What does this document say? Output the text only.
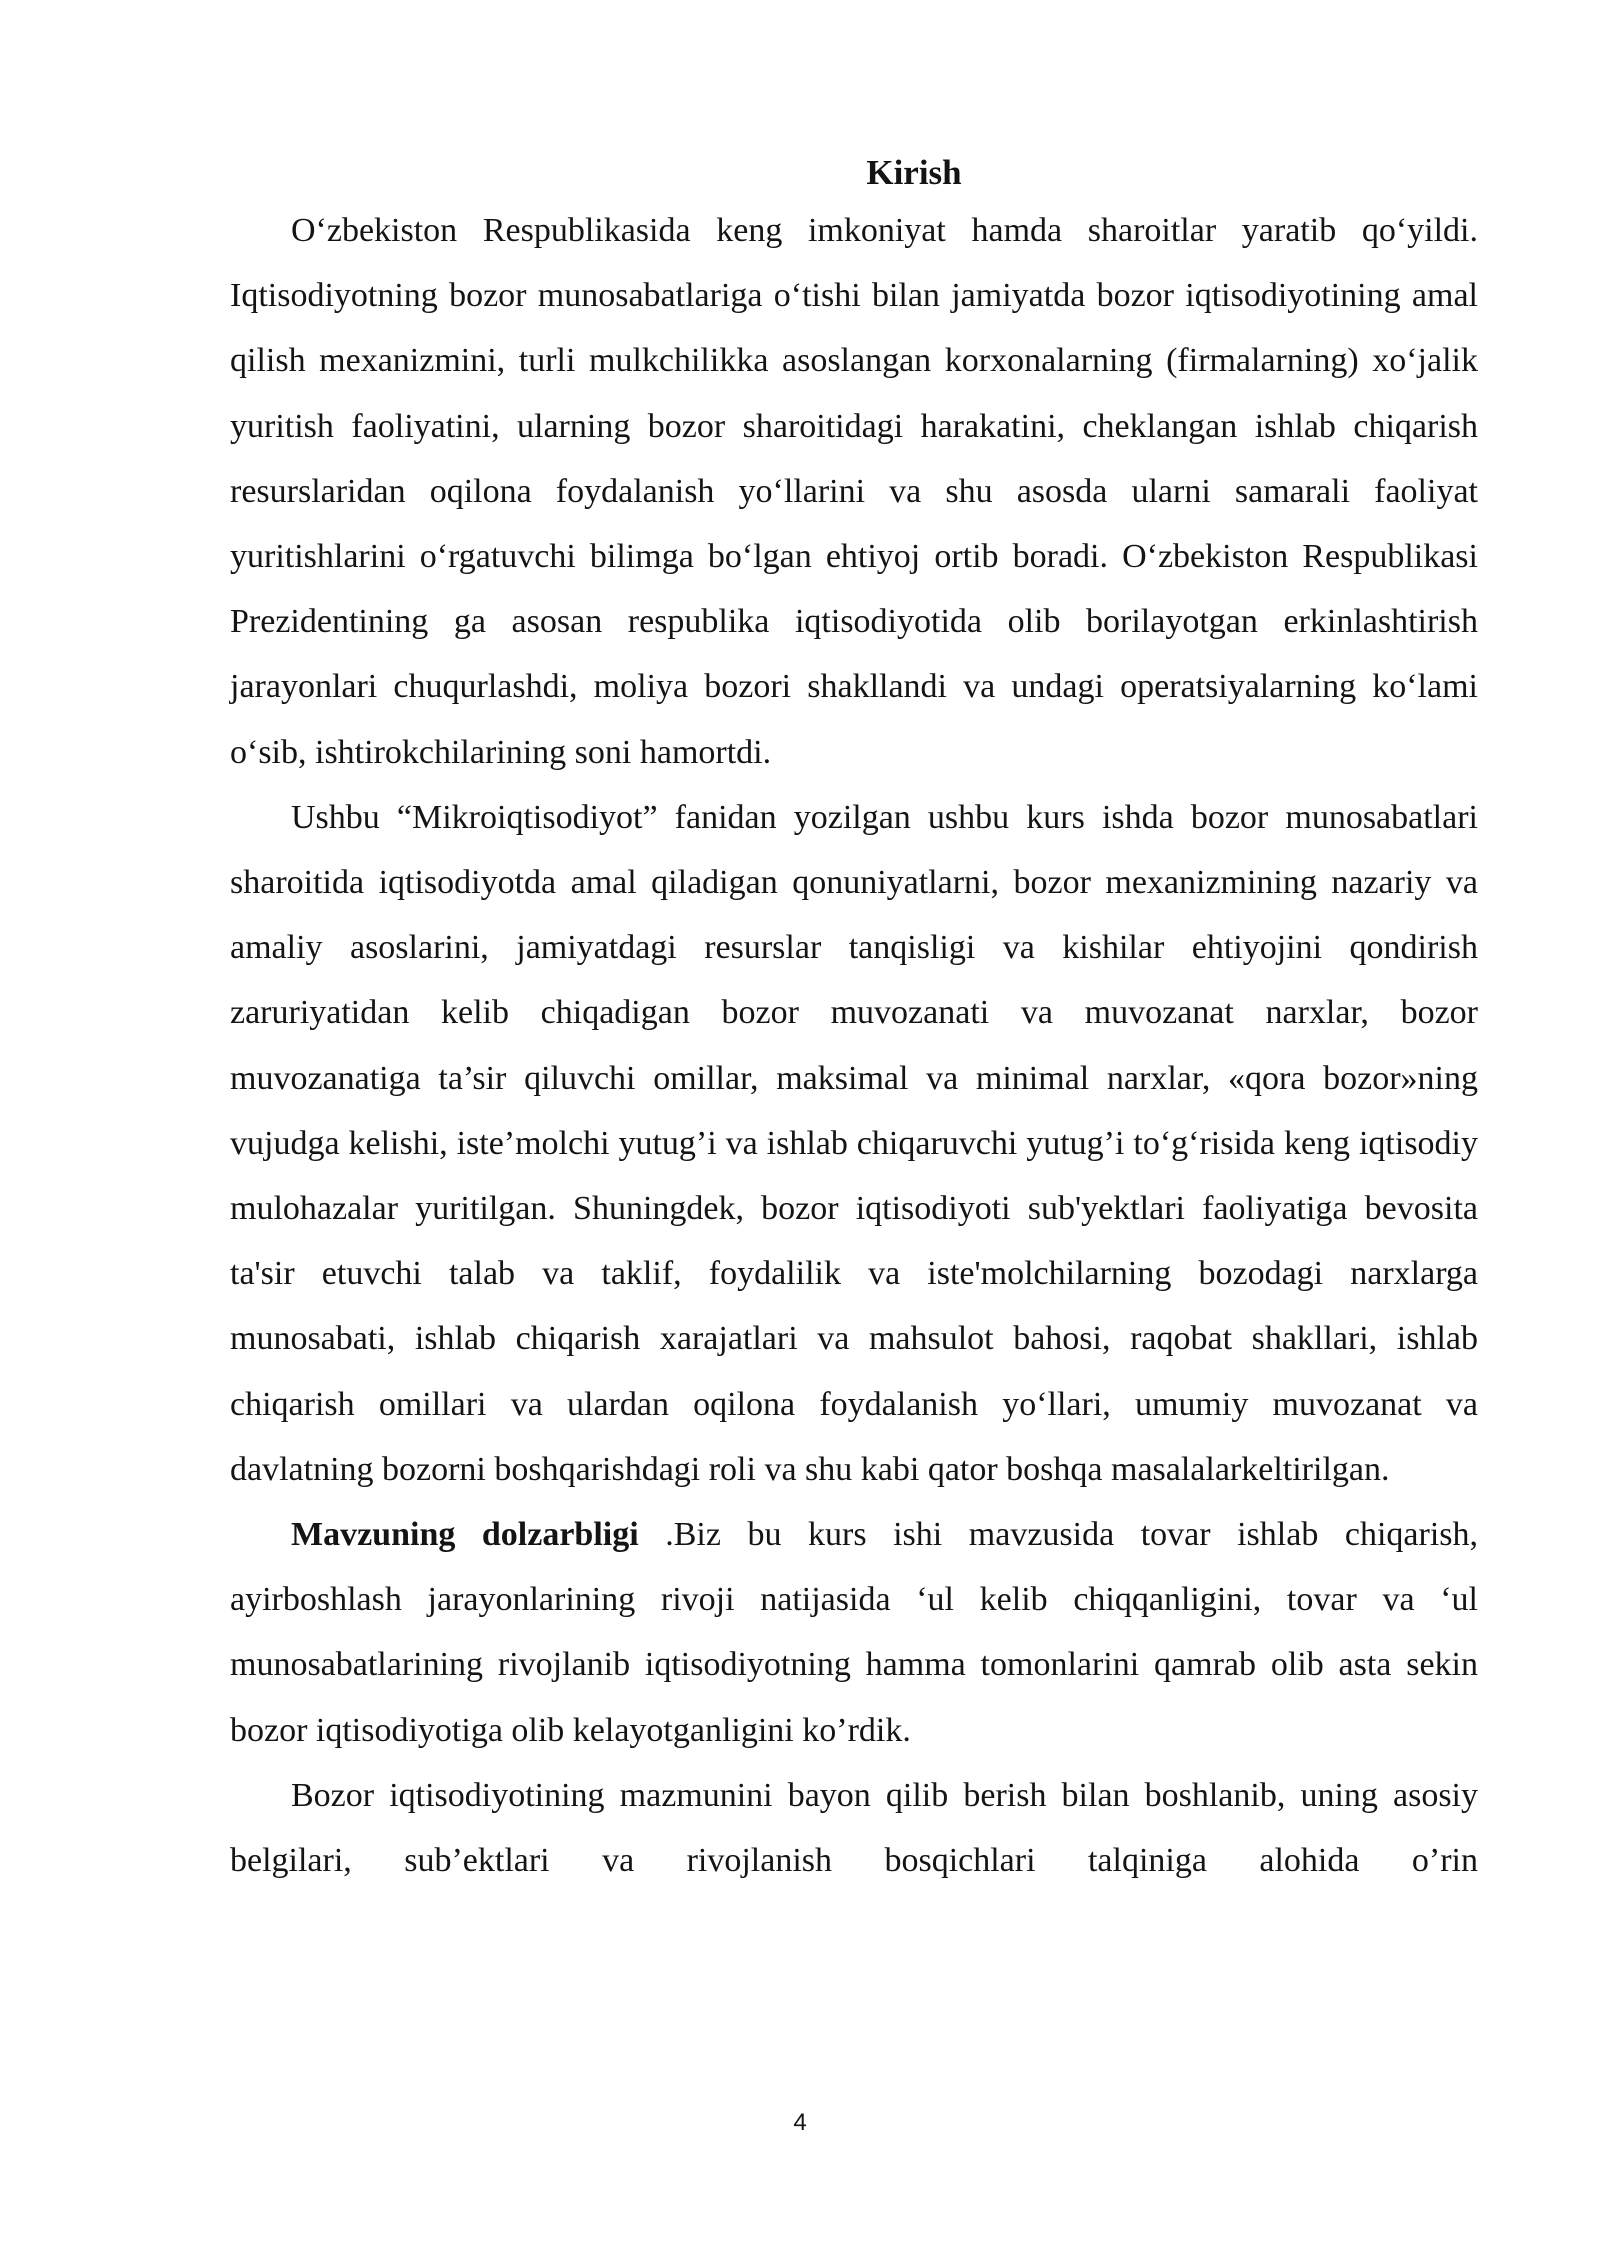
Kirish

O‘zbekiston Respublikasida keng imkoniyat hamda sharoitlar yaratib qo‘yildi. Iqtisodiyotning bozor munosabatlariga o‘tishi bilan jamiyatda bozor iqtisodiyotining amal qilish mexanizmini, turli mulkchilikka asoslangan korxonalarning (firmalarning) xo‘jalik yuritish faoliyatini, ularning bozor sharoitidagi harakatini, cheklangan ishlab chiqarish resurslaridan oqilona foydalanish yo‘llarini va shu asosda ularni samarali faoliyat yuritishlarini o‘rgatuvchi bilimga bo‘lgan ehtiyoj ortib boradi. O‘zbekiston Respublikasi Prezidentining ga asosan respublika iqtisodiyotida olib borilayotgan erkinlashtirish jarayonlari chuqurlashdi, moliya bozori shakllandi va undagi operatsiyalarning ko‘lami o‘sib, ishtirokchilarining soni hamortdi.

Ushbu “Mikroiqtisodiyot” fanidan yozilgan ushbu kurs ishda bozor munosabatlari sharoitida iqtisodiyotda amal qiladigan qonuniyatlarni, bozor mexanizmining nazariy va amaliy asoslarini, jamiyatdagi resurslar tanqisligi va kishilar ehtiyojini qondirish zaruriyatidan kelib chiqadigan bozor muvozanati va muvozanat narxlar, bozor muvozanatiga ta’sir qiluvchi omillar, maksimal va minimal narxlar, «qora bozor»ning vujudga kelishi, iste’molchi yutug’i va ishlab chiqaruvchi yutug’i to‘g‘risida keng iqtisodiy mulohazalar yuritilgan. Shuningdek, bozor iqtisodiyoti sub'yektlari faoliyatiga bevosita ta'sir etuvchi talab va taklif, foydalilik va iste'molchilarning bozodagi narxlarga munosabati, ishlab chiqarish xarajatlari va mahsulot bahosi, raqobat shakllari, ishlab chiqarish omillari va ulardan oqilona foydalanish yo‘llari, umumiy muvozanat va davlatning bozorni boshqarishdagi roli va shu kabi qator boshqa masalalarkeltirilgan.

Mavzuning dolzarbligi .Biz bu kurs ishi mavzusida tovar ishlab chiqarish, ayirboshlash jarayonlarining rivoji natijasida ‘ul kelib chiqqanligini, tovar va ‘ul munosabatlarining rivojlanib iqtisodiyotning hamma tomonlarini qamrab olib asta sekin bozor iqtisodiyotiga olib kelayotganligini ko’rdik.

Bozor iqtisodiyotining mazmunini bayon qilib berish bilan boshlanib, uning asosiy belgilari, sub’ektlari va rivojlanish bosqichlari talqiniga alohida o’rin

4
